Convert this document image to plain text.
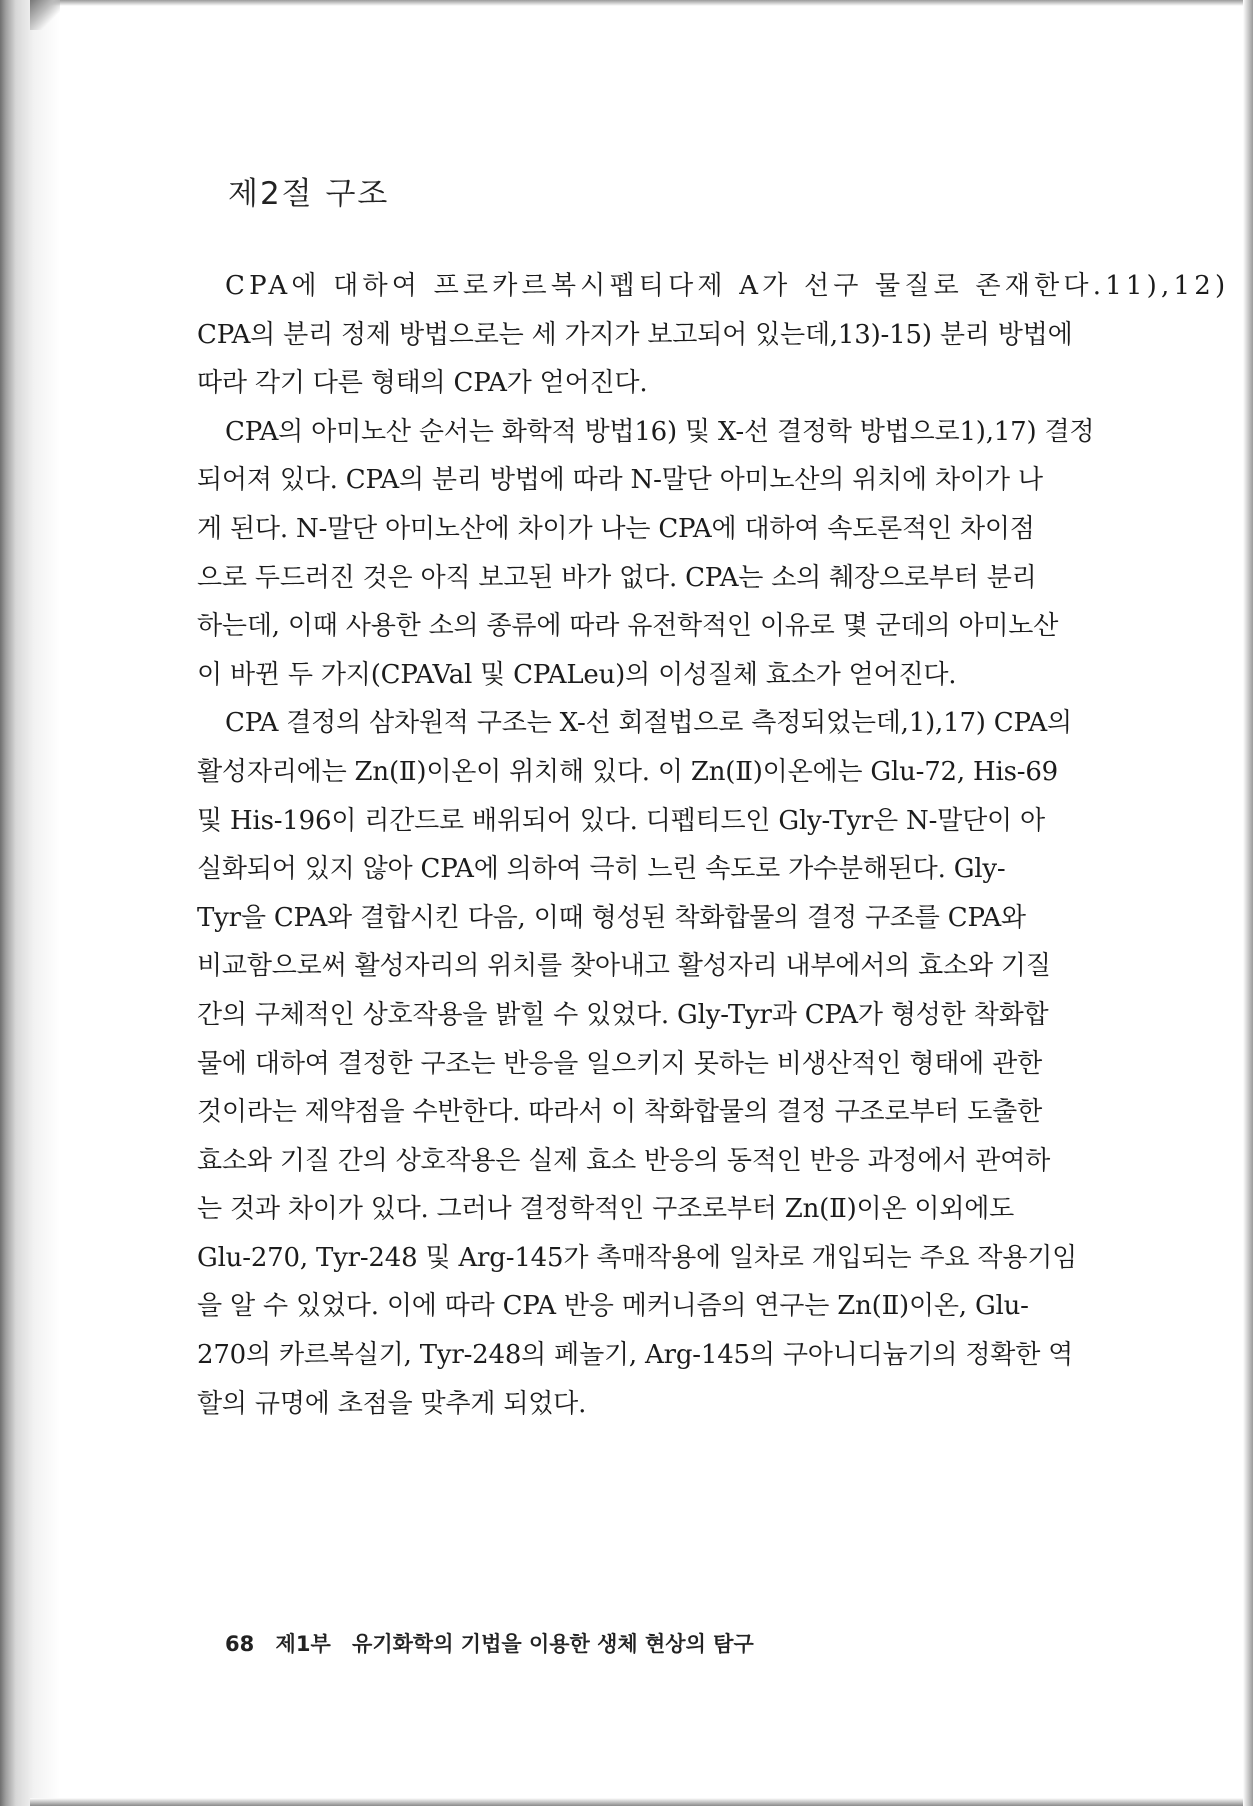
제2절 구조
CPA에 대하여 프로카르복시펩티다제 A가 선구 물질로 존재한다.11),12)
CPA의 분리 정제 방법으로는 세 가지가 보고되어 있는데,13)-15) 분리 방법에
따라 각기 다른 형태의 CPA가 얻어진다.
CPA의 아미노산 순서는 화학적 방법16) 및 X-선 결정학 방법으로1),17) 결정
되어져 있다. CPA의 분리 방법에 따라 N-말단 아미노산의 위치에 차이가 나
게 된다. N-말단 아미노산에 차이가 나는 CPA에 대하여 속도론적인 차이점
으로 두드러진 것은 아직 보고된 바가 없다. CPA는 소의 췌장으로부터 분리
하는데, 이때 사용한 소의 종류에 따라 유전학적인 이유로 몇 군데의 아미노산
이 바뀐 두 가지(CPAVal 및 CPALeu)의 이성질체 효소가 얻어진다.
CPA 결정의 삼차원적 구조는 X-선 회절법으로 측정되었는데,1),17) CPA의
활성자리에는 Zn(Ⅱ)이온이 위치해 있다. 이 Zn(Ⅱ)이온에는 Glu-72, His-69
및 His-196이 리간드로 배위되어 있다. 디펩티드인 Gly-Tyr은 N-말단이 아
실화되어 있지 않아 CPA에 의하여 극히 느린 속도로 가수분해된다. Gly-
Tyr을 CPA와 결합시킨 다음, 이때 형성된 착화합물의 결정 구조를 CPA와
비교함으로써 활성자리의 위치를 찾아내고 활성자리 내부에서의 효소와 기질
간의 구체적인 상호작용을 밝힐 수 있었다. Gly-Tyr과 CPA가 형성한 착화합
물에 대하여 결정한 구조는 반응을 일으키지 못하는 비생산적인 형태에 관한
것이라는 제약점을 수반한다. 따라서 이 착화합물의 결정 구조로부터 도출한
효소와 기질 간의 상호작용은 실제 효소 반응의 동적인 반응 과정에서 관여하
는 것과 차이가 있다. 그러나 결정학적인 구조로부터 Zn(Ⅱ)이온 이외에도
Glu-270, Tyr-248 및 Arg-145가 촉매작용에 일차로 개입되는 주요 작용기임
을 알 수 있었다. 이에 따라 CPA 반응 메커니즘의 연구는 Zn(Ⅱ)이온, Glu-
270의 카르복실기, Tyr-248의 페놀기, Arg-145의 구아니디늄기의 정확한 역
할의 규명에 초점을 맞추게 되었다.
68 제1부 유기화학의 기법을 이용한 생체 현상의 탐구
